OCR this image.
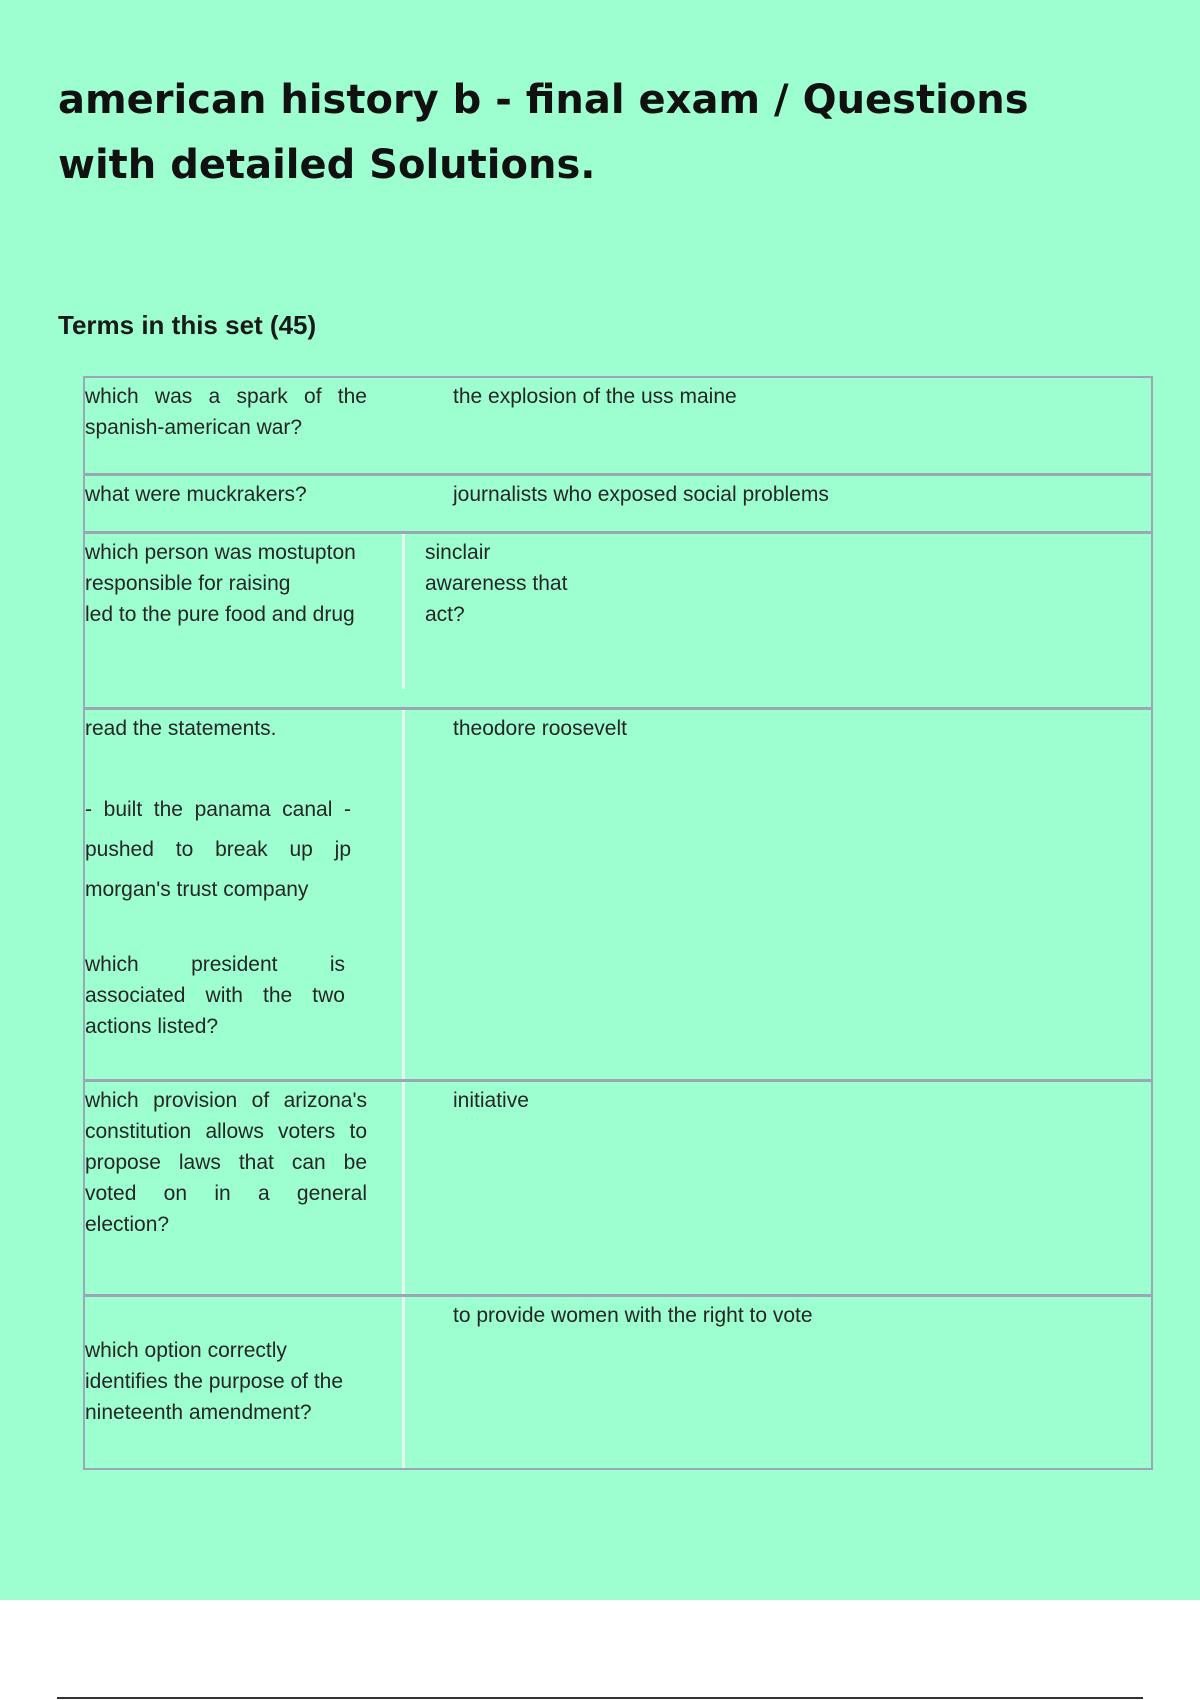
american history b - final exam / Questions with detailed Solutions.
Terms in this set (45)
which was a spark of the spanish-american war?
the explosion of the uss maine
what were muckrakers?	journalists who exposed social problems
which person was mostupton
responsible for raising
led to the pure food and drug
sinclair
awareness that
act?
read the statements.
- built the panama canal - pushed to break up jp morgan's trust company
which president is associated with the two actions listed?
theodore roosevelt
which provision of arizona's constitution allows voters to propose laws that can be voted on in a general election?
initiative
which option correctly
identifies the purpose of the
nineteenth amendment?
to provide women with the right to vote
